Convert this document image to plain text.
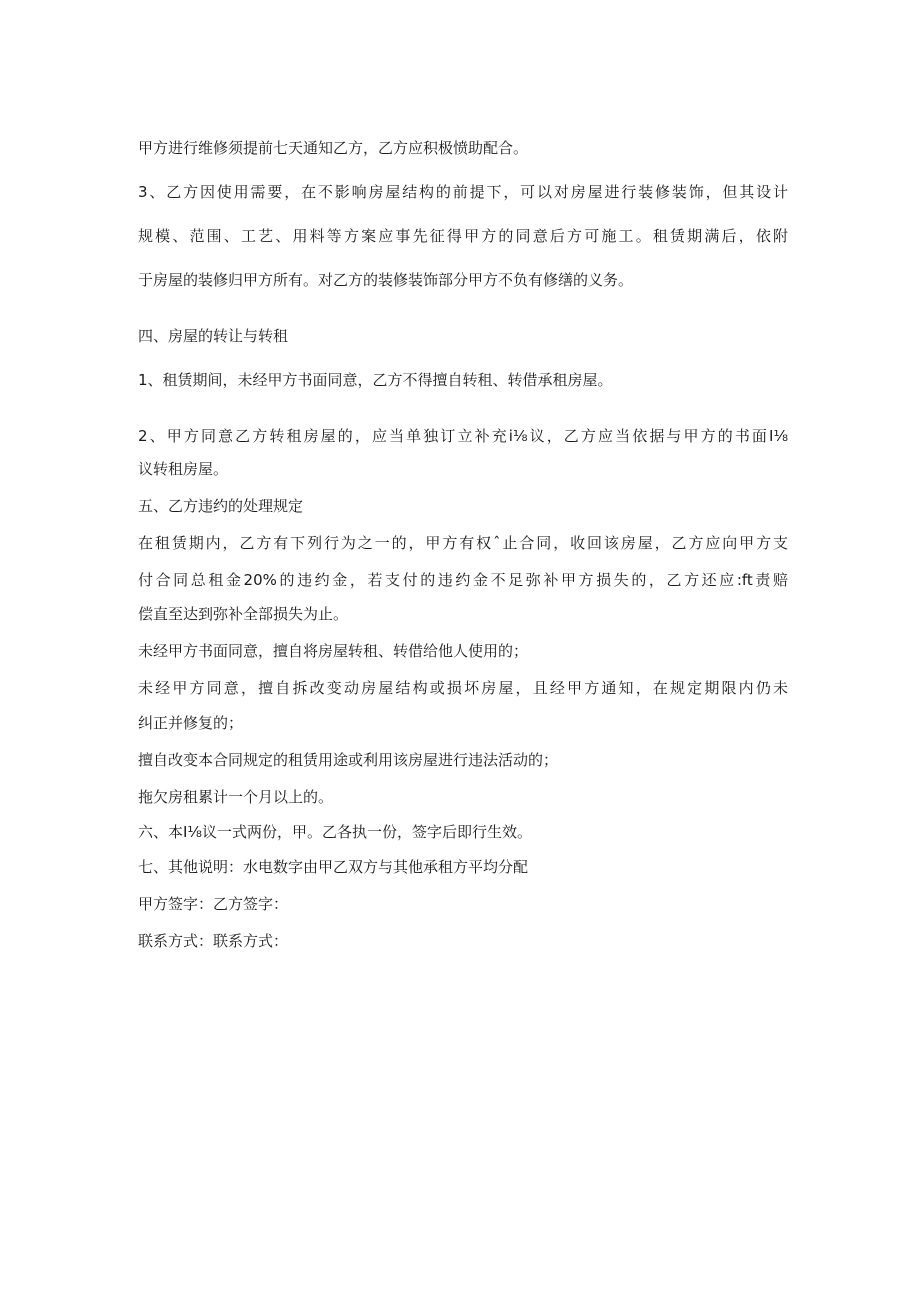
甲方进行维修须提前七天通知乙方，乙方应积极愤助配合。

3、乙方因使用需要，在不影响房屋结构的前提下，可以对房屋进行装修装饰，但其设计

规模、范围、工艺、用料等方案应事先征得甲方的同意后方可施工。租赁期满后，依附

于房屋的装修归甲方所有。对乙方的装修装饰部分甲方不负有修缮的义务。

四、房屋的转让与转租

1、租赁期间，未经甲方书面同意，乙方不得擅自转租、转借承租房屋。

2、甲方同意乙方转租房屋的，应当单独订立补充i⅛议，乙方应当依据与甲方的书面I⅛

议转租房屋。

五、乙方违约的处理规定

在租赁期内，乙方有下列行为之一的，甲方有权ˆ止合同，收回该房屋，乙方应向甲方支

付合同总租金20%的违约金，若支付的违约金不足弥补甲方损失的，乙方还应:ft责赔

偿直至达到弥补全部损失为止。

未经甲方书面同意，擅自将房屋转租、转借给他人使用的；

未经甲方同意，擅自拆改变动房屋结构或损坏房屋，且经甲方通知，在规定期限内仍未

纠正并修复的；

擅自改变本合同规定的租赁用途或利用该房屋进行违法活动的；

拖欠房租累计一个月以上的。

六、本I⅛议一式两份，甲。乙各执一份，签字后即行生效。

七、其他说明：水电数字由甲乙双方与其他承租方平均分配

甲方签字：乙方签字：

联系方式：联系方式：
